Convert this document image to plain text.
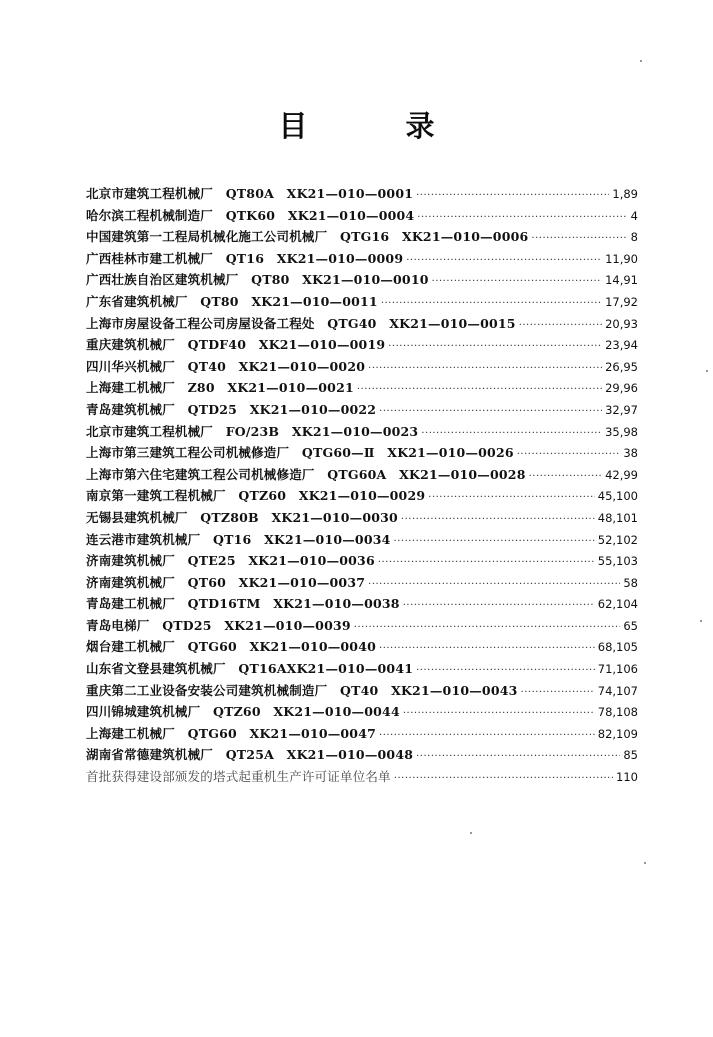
目 录
北京市建筑工程机械厂　QT80A　XK21—010—0001 ·····	1,89
哈尔滨工程机械制造厂　QTK60　XK21—010—0004 ·····	4
中国建筑第一工程局机械化施工公司机械厂　QTG16　XK21—010—0006 ·····	8
广西桂林市建工机械厂　QT16　XK21—010—0009 ·····	11,90
广西壮族自治区建筑机械厂　QT80　XK21—010—0010 ·····	14,91
广东省建筑机械厂　QT80　XK21—010—0011 ·····	17,92
上海市房屋设备工程公司房屋设备工程处　QTG40　XK21—010—0015 ·····	20,93
重庆建筑机械厂　QTDF40　XK21—010—0019 ·····	23,94
四川华兴机械厂　QT40　XK21—010—0020 ·····	26,95
上海建工机械厂　Z80　XK21—010—0021 ·····	29,96
青岛建筑机械厂　QTD25　XK21—010—0022 ·····	32,97
北京市建筑工程机械厂　FO/23B　XK21—010—0023 ·····	35,98
上海市第三建筑工程公司机械修造厂　QTG60—Ⅱ　XK21—010—0026 ·····	38
上海市第六住宅建筑工程公司机械修造厂　QTG60A　XK21—010—0028 ·····	42,99
南京第一建筑工程机械厂　QTZ60　XK21—010—0029 ·····	45,100
无锡县建筑机械厂　QTZ80B　XK21—010—0030 ·····	48,101
连云港市建筑机械厂　QT16　XK21—010—0034 ·····	52,102
济南建筑机械厂　QTE25　XK21—010—0036 ·····	55,103
济南建筑机械厂　QT60　XK21—010—0037 ·····	58
青岛建工机械厂　QTD16TM　XK21—010—0038 ·····	62,104
青岛电梯厂　QTD25　XK21—010—0039 ·····	65
烟台建工机械厂　QTG60　XK21—010—0040 ·····	68,105
山东省文登县建筑机械厂　QT16AXK21—010—0041 ·····	71,106
重庆第二工业设备安装公司建筑机械制造厂　QT40　XK21—010—0043 ·····	74,107
四川锦城建筑机械厂　QTZ60　XK21—010—0044 ·····	78,108
上海建工机械厂　QTG60　XK21—010—0047 ·····	82,109
湖南省常德建筑机械厂　QT25A　XK21—010—0048 ·····	85
首批获得建设部颁发的塔式起重机生产许可证单位名单 ·····	110
